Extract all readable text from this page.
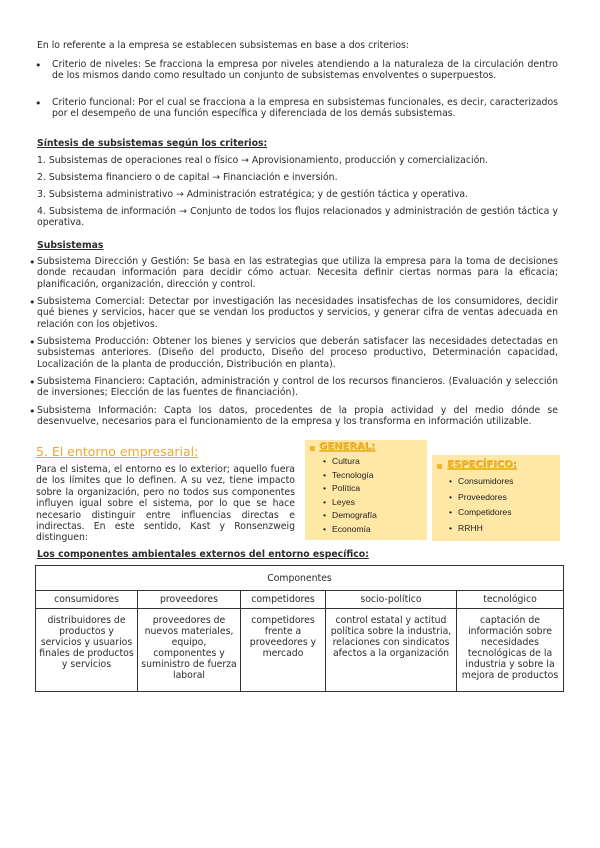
En lo referente a la empresa se establecen subsistemas en base a dos criterios:

• Criterio de niveles: Se fracciona la empresa por niveles atendiendo a la naturaleza de la circulación dentro de los mismos dando como resultado un conjunto de subsistemas envolventes o superpuestos.

• Criterio funcional: Por el cual se fracciona a la empresa en subsistemas funcionales, es decir, caracterizados por el desempeño de una función específica y diferenciada de los demás subsistemas.

Síntesis de subsistemas según los criterios:

1. Subsistemas de operaciones real o físico → Aprovisionamiento, producción y comercialización.

2. Subsistema financiero o de capital → Financiación e inversión.

3. Subsistema administrativo → Administración estratégica; y de gestión táctica y operativa.

4. Subsistema de información → Conjunto de todos los flujos relacionados y administración de gestión táctica y operativa.

Subsistemas

• Subsistema Dirección y Gestión: Se basa en las estrategias que utiliza la empresa para la toma de decisiones donde recaudan información para decidir cómo actuar. Necesita definir ciertas normas para la eficacia; planificación, organización, dirección y control.

• Subsistema Comercial: Detectar por investigación las necesidades insatisfechas de los consumidores, decidir qué bienes y servicios, hacer que se vendan los productos y servicios, y generar cifra de ventas adecuada en relación con los objetivos.

• Subsistema Producción: Obtener los bienes y servicios que deberán satisfacer las necesidades detectadas en subsistemas anteriores. (Diseño del producto, Diseño del proceso productivo, Determinación capacidad, Localización de la planta de producción, Distribución en planta).

• Subsistema Financiero: Captación, administración y control de los recursos financieros. (Evaluación y selección de inversiones; Elección de las fuentes de financiación).

• Subsistema Información: Capta los datos, procedentes de la propia actividad y del medio dónde se desenvuelve, necesarios para el funcionamiento de la empresa y los transforma en información utilizable.

5. El entorno empresarial:

Para el sistema, el entorno es lo exterior; aquello fuera de los límites que lo definen. A su vez, tiene impacto sobre la organización, pero no todos sus componentes influyen igual sobre el sistema, por lo que se hace necesario distinguir entre influencias directas e indirectas. En este sentido, Kast y Ronsenzweig distinguen:

GENERAL:
• Cultura
• Tecnología
• Política
• Leyes
• Demografía
• Economía
ESPECÍFICO:
• Consumidores
• Proveedores
• Competidores
• RRHH

Los componentes ambientales externos del entorno específico:

Componentes				
consumidores	proveedores	competidores	socio-político	tecnológico
distribuidores de productos y servicios y usuarios finales de productos y servicios	proveedores de nuevos materiales, equipo, componentes y suministro de fuerza laboral	competidores frente a proveedores y mercado	control estatal y actitud política sobre la industria, relaciones con sindicatos afectos a la organización	captación de información sobre necesidades tecnológicas de la industria y sobre la mejora de productos
